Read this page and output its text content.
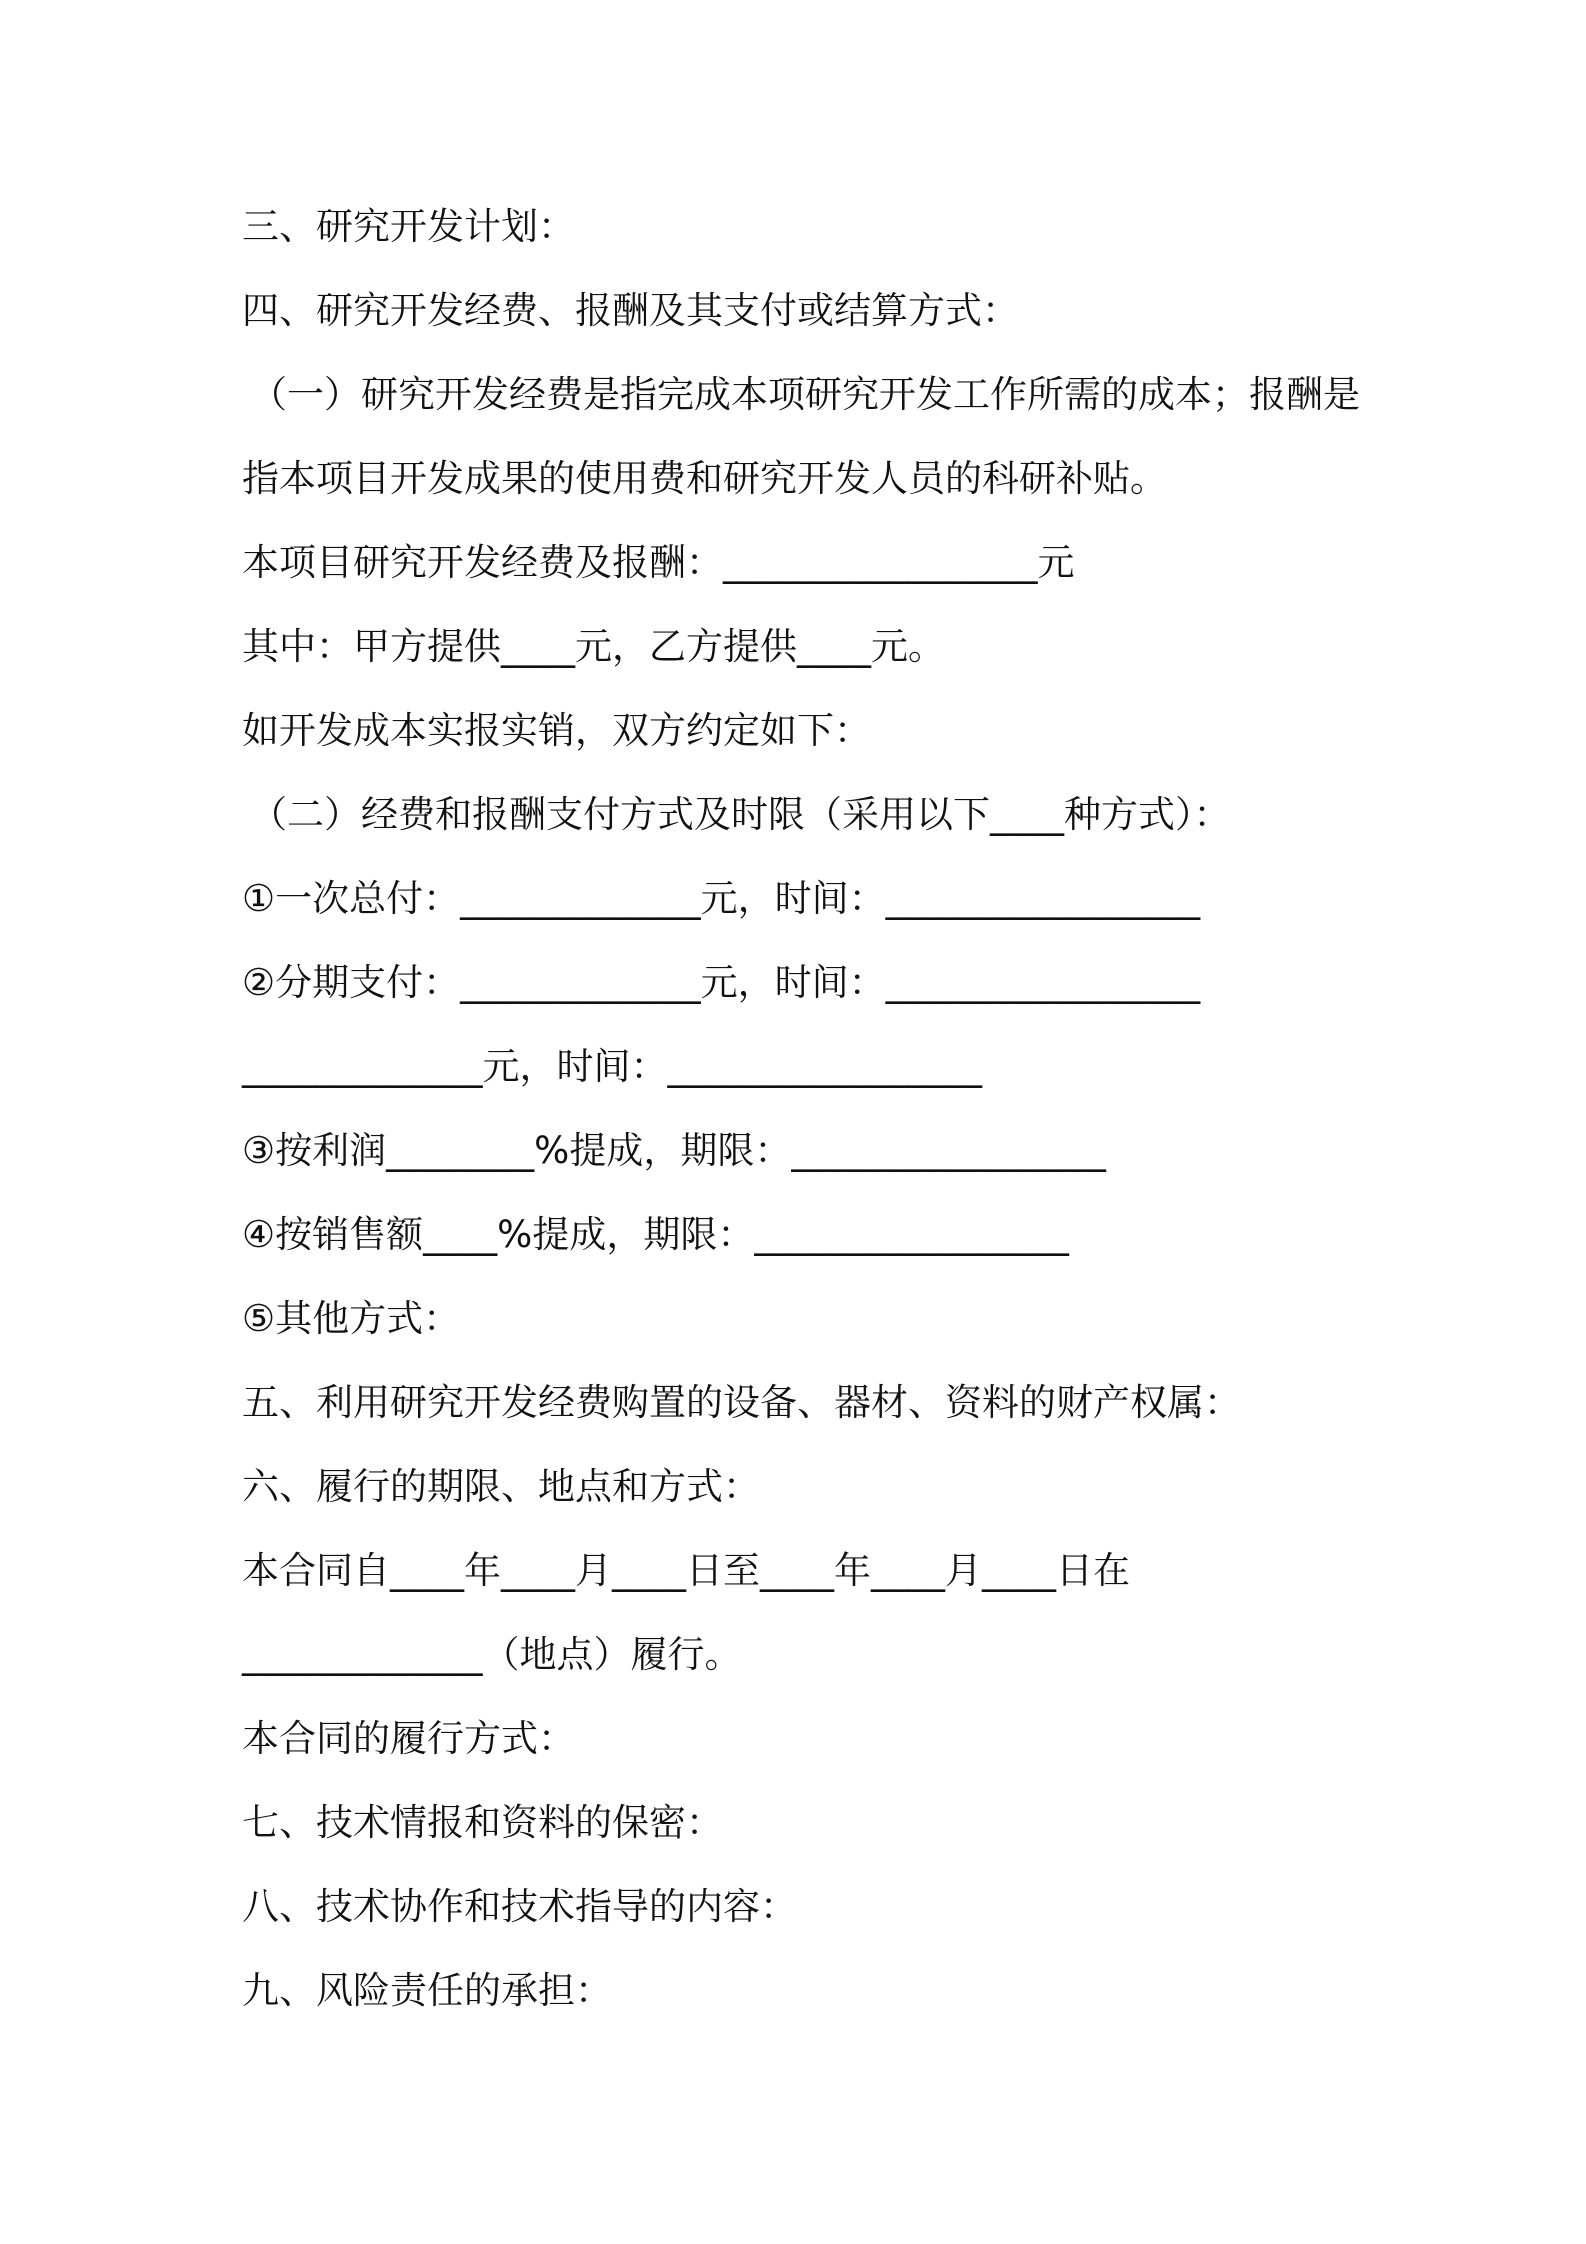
三、研究开发计划：
四、研究开发经费、报酬及其支付或结算方式：
（一）研究开发经费是指完成本项研究开发工作所需的成本；报酬是
指本项目开发成果的使用费和研究开发人员的科研补贴。
本项目研究开发经费及报酬：_________________元
其中：甲方提供____元，乙方提供____元。
如开发成本实报实销，双方约定如下：
（二）经费和报酬支付方式及时限（采用以下____种方式）：
①一次总付：_____________元，时间：_________________
②分期支付：_____________元，时间：_________________
_____________元，时间：_________________
③按利润________%提成，期限：_________________
④按销售额____%提成，期限：_________________
⑤其他方式：
五、利用研究开发经费购置的设备、器材、资料的财产权属：
六、履行的期限、地点和方式：
本合同自____年____月____日至____年____月____日在
_____________（地点）履行。
本合同的履行方式：
七、技术情报和资料的保密：
八、技术协作和技术指导的内容：
九、风险责任的承担：
